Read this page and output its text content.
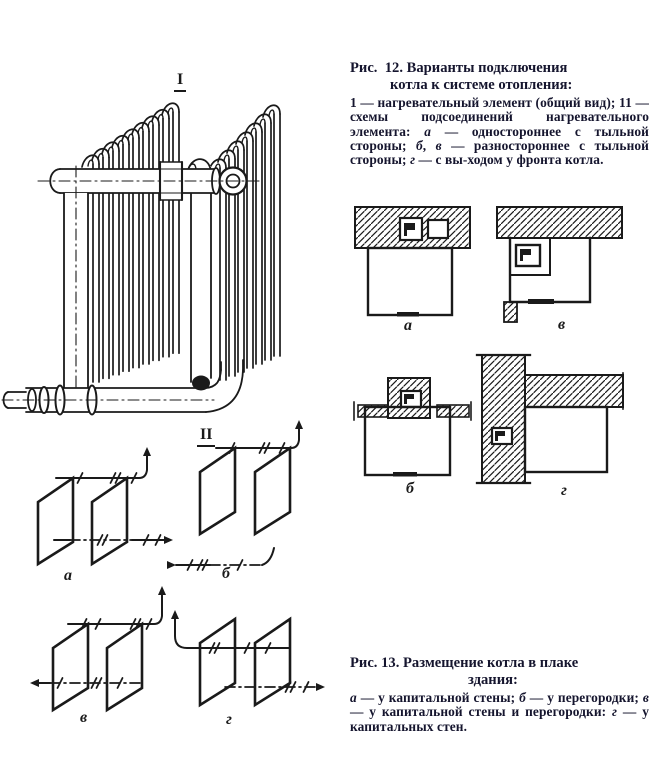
I
II
а	б
в	г
Рис.  12. Варианты подключения
котла к системе отопления:
1 — нагревательный элемент (общий вид); 11 — схемы подсоединений нагревательного элемента: а — одностороннее с тыльной стороны; б, в — разностороннее с тыльной стороны; г — с вы-ходом у фронта котла.
а	в
б	г
Рис. 13. Размещение котла в плаке
здания:
а — у капитальной стены; б — у перегородки; в — у капитальной стены и перегородки: г — у капитальных стен.
